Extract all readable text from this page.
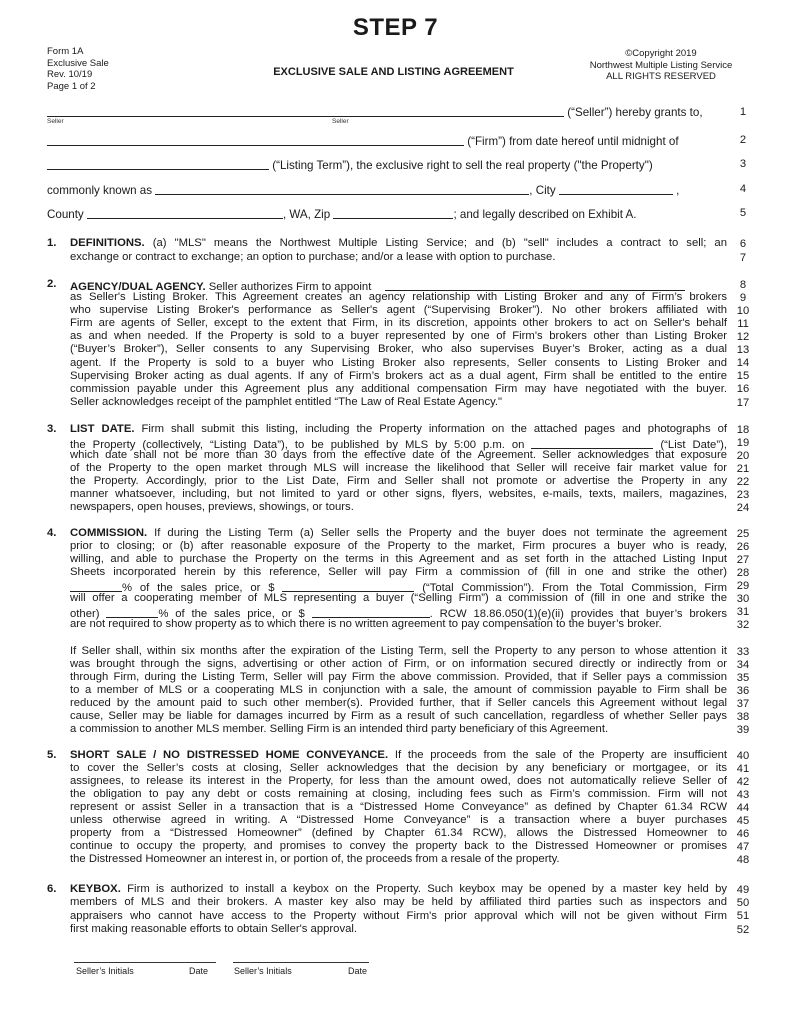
STEP 7
Form 1A
Exclusive Sale
Rev. 10/19
Page 1 of 2
EXCLUSIVE SALE AND LISTING AGREEMENT
©Copyright 2019
Northwest Multiple Listing Service
ALL RIGHTS RESERVED
(“Seller”) hereby grants to,
Seller	Seller
(“Firm”) from date hereof until midnight of
(“Listing Term”), the exclusive right to sell the real property ("the Property")
commonly known as	, City	,
County	, WA, Zip	; and legally described on Exhibit A.
1
2
3
4
5
6
7
8
9
10
11
12
13
14
15
16
17
18
19
20
21
22
23
24
25
26
27
28
29
30
31
32
33
34
35
36
37
38
39
40
41
42
43
44
45
46
47
48
49
50
51
52
1. DEFINITIONS. (a) "MLS" means the Northwest Multiple Listing Service; and (b) "sell" includes a contract to sell; an
exchange or contract to exchange; an option to purchase; and/or a lease with option to purchase.
2. AGENCY/DUAL AGENCY. Seller authorizes Firm to appoint
as Seller's Listing Broker. This Agreement creates an agency relationship with Listing Broker and any of Firm’s brokers
who supervise Listing Broker's performance as Seller's agent (“Supervising Broker”). No other brokers affiliated with
Firm are agents of Seller, except to the extent that Firm, in its discretion, appoints other brokers to act on Seller's behalf
as and when needed. If the Property is sold to a buyer represented by one of Firm's brokers other than Listing Broker
(“Buyer’s Broker”), Seller consents to any Supervising Broker, who also supervises Buyer’s Broker, acting as a dual
agent. If the Property is sold to a buyer who Listing Broker also represents, Seller consents to Listing Broker and
Supervising Broker acting as dual agents. If any of Firm’s brokers act as a dual agent, Firm shall be entitled to the entire
commission payable under this Agreement plus any additional compensation Firm may have negotiated with the buyer.
Seller acknowledges receipt of the pamphlet entitled “The Law of Real Estate Agency."
3. LIST DATE. Firm shall submit this listing, including the Property information on the attached pages and photographs of
the Property (collectively, “Listing Data”), to be published by MLS by 5:00 p.m. on	(“List Date”),
which date shall not be more than 30 days from the effective date of the Agreement. Seller acknowledges that exposure
of the Property to the open market through MLS will increase the likelihood that Seller will receive fair market value for
the Property. Accordingly, prior to the List Date, Firm and Seller shall not promote or advertise the Property in any
manner whatsoever, including, but not limited to yard or other signs, flyers, websites, e-mails, texts, mailers, magazines,
newspapers, open houses, previews, showings, or tours.
4. COMMISSION. If during the Listing Term (a) Seller sells the Property and the buyer does not terminate the agreement
prior to closing; or (b) after reasonable exposure of the Property to the market, Firm procures a buyer who is ready,
willing, and able to purchase the Property on the terms in this Agreement and as set forth in the attached Listing Input
Sheets incorporated herein by this reference, Seller will pay Firm a commission of (fill in one and strike the other)
% of the sales price, or $	(“Total Commission”). From the Total Commission, Firm
will offer a cooperating member of MLS representing a buyer (“Selling Firm”) a commission of (fill in one and strike the
other)	% of the sales price, or $	. RCW 18.86.050(1)(e)(ii) provides that buyer’s brokers
are not required to show property as to which there is no written agreement to pay compensation to the buyer’s broker.
If Seller shall, within six months after the expiration of the Listing Term, sell the Property to any person to whose attention it
was brought through the signs, advertising or other action of Firm, or on information secured directly or indirectly from or
through Firm, during the Listing Term, Seller will pay Firm the above commission. Provided, that if Seller pays a commission
to a member of MLS or a cooperating MLS in conjunction with a sale, the amount of commission payable to Firm shall be
reduced by the amount paid to such other member(s). Provided further, that if Seller cancels this Agreement without legal
cause, Seller may be liable for damages incurred by Firm as a result of such cancellation, regardless of whether Seller pays
a commission to another MLS member. Selling Firm is an intended third party beneficiary of this Agreement.
5. SHORT SALE / NO DISTRESSED HOME CONVEYANCE. If the proceeds from the sale of the Property are insufficient
to cover the Seller’s costs at closing, Seller acknowledges that the decision by any beneficiary or mortgagee, or its
assignees, to release its interest in the Property, for less than the amount owed, does not automatically relieve Seller of
the obligation to pay any debt or costs remaining at closing, including fees such as Firm’s commission. Firm will not
represent or assist Seller in a transaction that is a “Distressed Home Conveyance” as defined by Chapter 61.34 RCW
unless otherwise agreed in writing. A “Distressed Home Conveyance” is a transaction where a buyer purchases
property from a “Distressed Homeowner” (defined by Chapter 61.34 RCW), allows the Distressed Homeowner to
continue to occupy the property, and promises to convey the property back to the Distressed Homeowner or promises
the Distressed Homeowner an interest in, or portion of, the proceeds from a resale of the property.
6. KEYBOX. Firm is authorized to install a keybox on the Property. Such keybox may be opened by a master key held by
members of MLS and their brokers. A master key also may be held by affiliated third parties such as inspectors and
appraisers who cannot have access to the Property without Firm's prior approval which will not be given without Firm
first making reasonable efforts to obtain Seller's approval.
Seller’s Initials	Date	Seller’s Initials	Date
